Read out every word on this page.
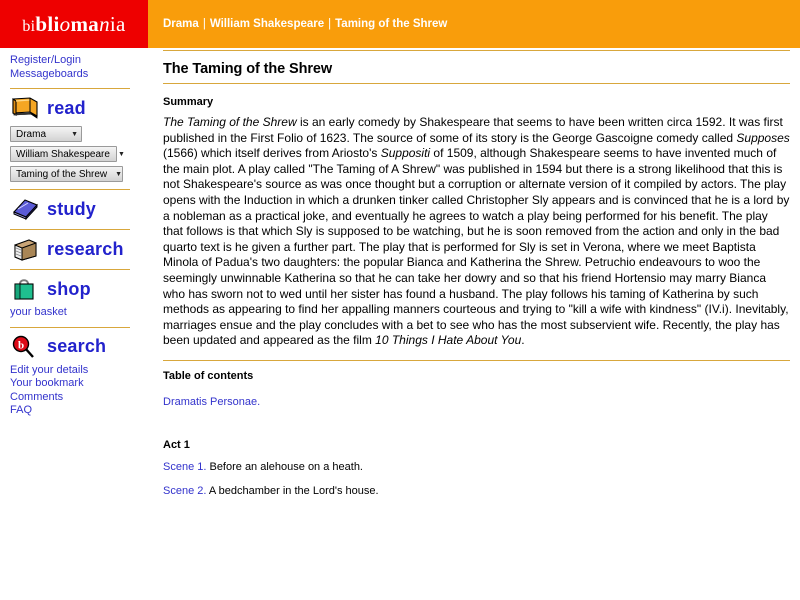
bibliomania	Drama | William Shakespeare | Taming of the Shrew
Register/Login
Messageboards
read
Drama	▼
William Shakespeare	▼
Taming of the Shrew	▼
study
research
shop
your basket
b search
Edit your details
Your bookmark
Comments
FAQ
The Taming of the Shrew
Summary

The Taming of the Shrew is an early comedy by Shakespeare that seems to have been written circa 1592. It was first published in the First Folio of 1623. The source of some of its story is the George Gascoigne comedy called Supposes (1566) which itself derives from Ariosto's Suppositi of 1509, although Shakespeare seems to have invented much of the main plot. A play called "The Taming of A Shrew" was published in 1594 but there is a strong likelihood that this is not Shakespeare's source as was once thought but a corruption or alternate version of it compiled by actors. The play opens with the Induction in which a drunken tinker called Christopher Sly appears and is convinced that he is a lord by a nobleman as a practical joke, and eventually he agrees to watch a play being performed for his benefit. The play that follows is that which Sly is supposed to be watching, but he is soon removed from the action and only in the bad quarto text is he given a further part. The play that is performed for Sly is set in Verona, where we meet Baptista Minola of Padua's two daughters: the popular Bianca and Katherina the Shrew. Petruchio endeavours to woo the seemingly unwinnable Katherina so that he can take her dowry and so that his friend Hortensio may marry Bianca who has sworn not to wed until her sister has found a husband. The play follows his taming of Katherina by such methods as appearing to find her appalling manners courteous and trying to "kill a wife with kindness" (IV.i). Inevitably, marriages ensue and the play concludes with a bet to see who has the most subservient wife. Recently, the play has been updated and appeared as the film 10 Things I Hate About You.

Table of contents
Dramatis Personae.
Act 1
Scene 1. Before an alehouse on a heath.
Scene 2. A bedchamber in the Lord's house.
